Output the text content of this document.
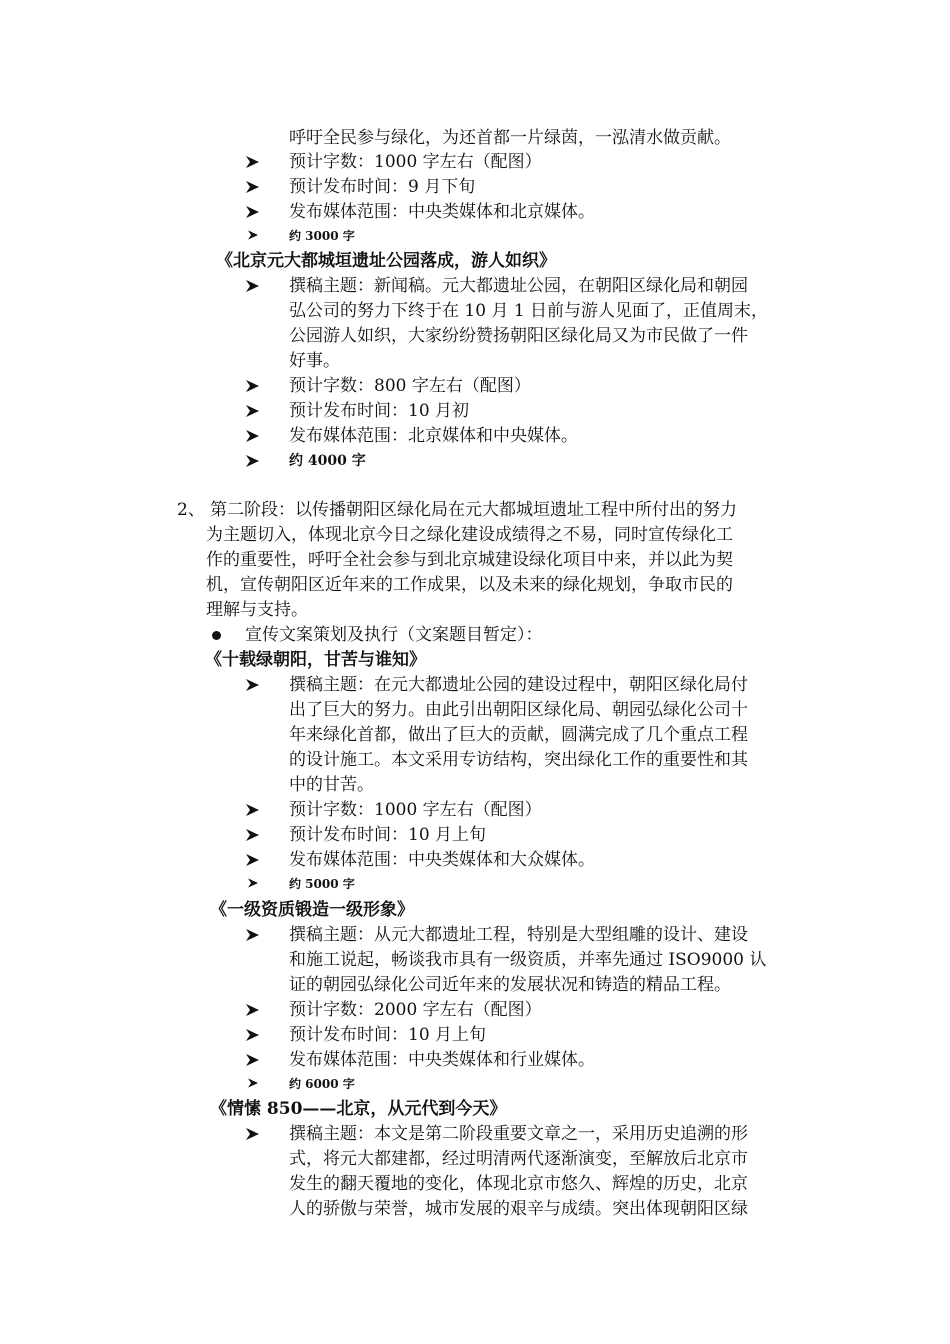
呼吁全民参与绿化，为还首都一片绿茵，一泓清水做贡献。
预计字数：1000 字左右（配图）
预计发布时间：9 月下旬
发布媒体范围：中央类媒体和北京媒体。
约 3000 字
《北京元大都城垣遗址公园落成，游人如织》
撰稿主题：新闻稿。元大都遗址公园，在朝阳区绿化局和朝园
弘公司的努力下终于在 10 月 1 日前与游人见面了，正值周末，
公园游人如织，大家纷纷赞扬朝阳区绿化局又为市民做了一件
好事。
预计字数：800 字左右（配图）
预计发布时间：10 月初
发布媒体范围：北京媒体和中央媒体。
约 4000 字
2、 第二阶段：以传播朝阳区绿化局在元大都城垣遗址工程中所付出的努力
为主题切入，体现北京今日之绿化建设成绩得之不易，同时宣传绿化工
作的重要性，呼吁全社会参与到北京城建设绿化项目中来，并以此为契
机，宣传朝阳区近年来的工作成果，以及未来的绿化规划，争取市民的
理解与支持。
宣传文案策划及执行（文案题目暂定）：
《十载绿朝阳，甘苦与谁知》
撰稿主题：在元大都遗址公园的建设过程中，朝阳区绿化局付
出了巨大的努力。由此引出朝阳区绿化局、朝园弘绿化公司十
年来绿化首都，做出了巨大的贡献，圆满完成了几个重点工程
的设计施工。本文采用专访结构，突出绿化工作的重要性和其
中的甘苦。
预计字数：1000 字左右（配图）
预计发布时间：10 月上旬
发布媒体范围：中央类媒体和大众媒体。
约 5000 字
《一级资质锻造一级形象》
撰稿主题：从元大都遗址工程，特别是大型组雕的设计、建设
和施工说起，畅谈我市具有一级资质，并率先通过 ISO9000 认
证的朝园弘绿化公司近年来的发展状况和铸造的精品工程。
预计字数：2000 字左右（配图）
预计发布时间：10 月上旬
发布媒体范围：中央类媒体和行业媒体。
约 6000 字
《情愫 850——北京，从元代到今天》
撰稿主题：本文是第二阶段重要文章之一，采用历史追溯的形
式，将元大都建都，经过明清两代逐渐演变，至解放后北京市
发生的翻天覆地的变化，体现北京市悠久、辉煌的历史，北京
人的骄傲与荣誉，城市发展的艰辛与成绩。突出体现朝阳区绿
